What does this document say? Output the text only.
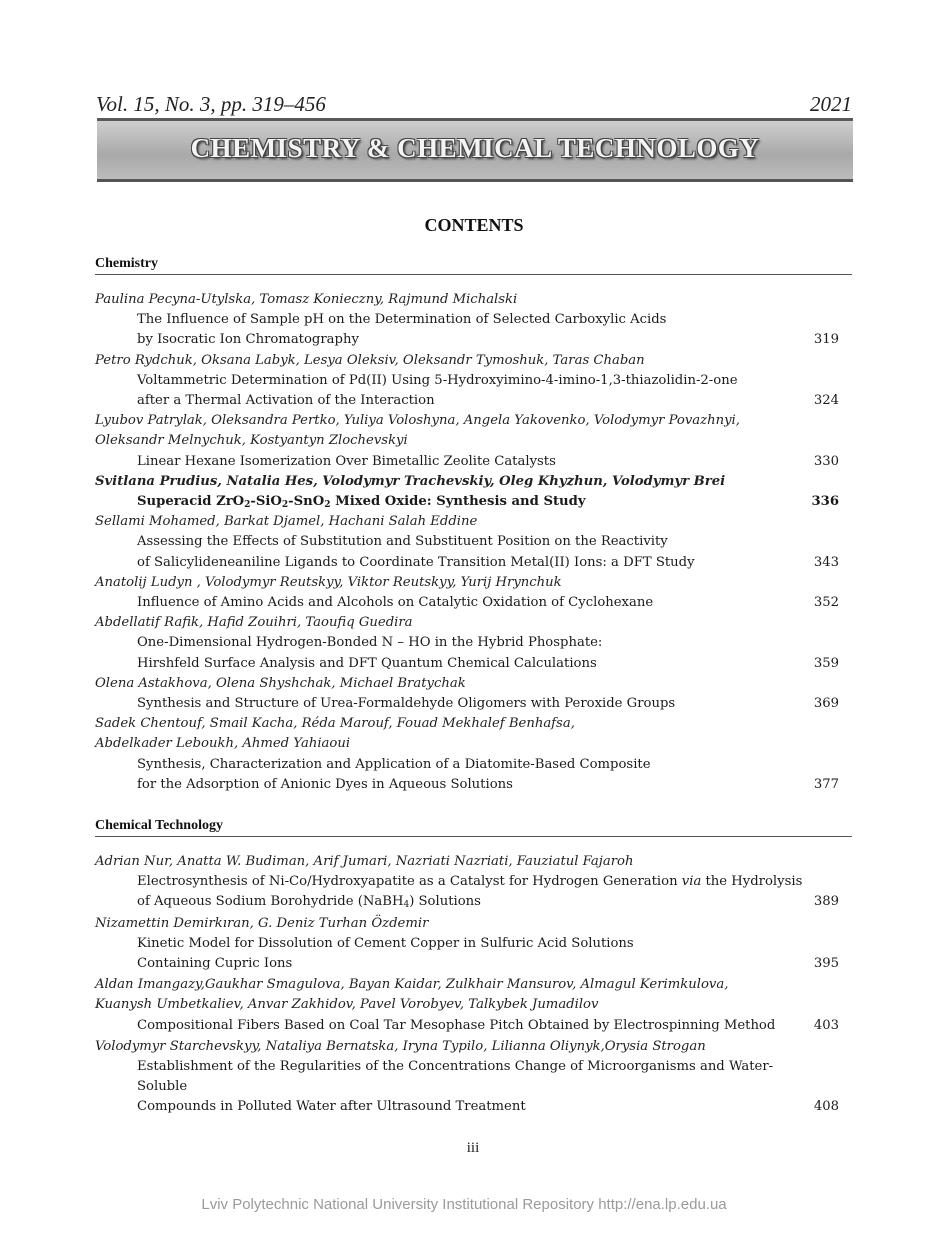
Vol. 15, No. 3, pp. 319–456	2021
CHEMISTRY & CHEMICAL TECHNOLOGY
CONTENTS
Chemistry
Paulina Pecyna-Utylska, Tomasz Konieczny, Rajmund Michalski
The Influence of Sample pH on the Determination of Selected Carboxylic Acids
by Isocratic Ion Chromatography	319
Petro Rydchuk, Oksana Labyk, Lesya Oleksiv, Oleksandr Tymoshuk, Taras Chaban
Voltammetric Determination of Pd(II) Using 5-Hydroxyimino-4-imino-1,3-thiazolidin-2-one
after a Thermal Activation of the Interaction	324
Lyubov Patrylak, Oleksandra Pertko, Yuliya Voloshyna, Angela Yakovenko, Volodymyr Povazhnyi,
Oleksandr Melnychuk, Kostyantyn Zlochevskyi
Linear Hexane Isomerization Over Bimetallic Zeolite Catalysts	330
Svitlana Prudius, Natalia Hes, Volodymyr Trachevskiy, Oleg Khyzhun, Volodymyr Brei
Superacid ZrO$_2$-SiO$_2$-SnO$_2$ Mixed Oxide: Synthesis and Study	336
Sellami Mohamed, Barkat Djamel, Hachani Salah Eddine
Assessing the Effects of Substitution and Substituent Position on the Reactivity
of Salicylideneaniline Ligands to Coordinate Transition Metal(II) Ions: a DFT Study	343
Anatolij Ludyn , Volodymyr Reutskyy, Viktor Reutskyy, Yurij Hrynchuk
Influence of Amino Acids and Alcohols on Catalytic Oxidation of Cyclohexane	352
Abdellatif Rafik, Hafid Zouihri, Taoufiq Guedira
One-Dimensional Hydrogen-Bonded N – HO in the Hybrid Phosphate:
Hirshfeld Surface Analysis and DFT Quantum Chemical Calculations	359
Olena Astakhova, Olena Shyshchak, Michael Bratychak
Synthesis and Structure of Urea-Formaldehyde Oligomers with Peroxide Groups	369
Sadek Chentouf, Smail Kacha, Réda Marouf, Fouad Mekhalef Benhafsa,
Abdelkader Leboukh, Ahmed Yahiaoui
Synthesis, Characterization and Application of a Diatomite-Based Composite
for the Adsorption of Anionic Dyes in Aqueous Solutions	377
Chemical Technology
Adrian Nur, Anatta W. Budiman, Arif Jumari, Nazriati Nazriati, Fauziatul Fajaroh
Electrosynthesis of Ni-Co/Hydroxyapatite as a Catalyst for Hydrogen Generation via the Hydrolysis
of Aqueous Sodium Borohydride (NaBH$_4$) Solutions	389
Nizamettin Demirkıran, G. Deniz Turhan Özdemir
Kinetic Model for Dissolution of Cement Copper in Sulfuric Acid Solutions
Containing Cupric Ions	395
Aldan Imangazy,Gaukhar Smagulova, Bayan Kaidar, Zulkhair Mansurov, Almagul Kerimkulova,
Kuanysh Umbetkaliev, Anvar Zakhidov, Pavel Vorobyev, Talkybek Jumadilov
Compositional Fibers Based on Coal Tar Mesophase Pitch Obtained by Electrospinning Method	403
Volodymyr Starchevskyy, Nataliya Bernatska, Iryna Typilo, Lilianna Oliynyk,Orysia Strogan
Establishment of the Regularities of the Concentrations Change of Microorganisms and Water-Soluble
Compounds in Polluted Water after Ultrasound Treatment	408
iii
Lviv Polytechnic National University Institutional Repository http://ena.lp.edu.ua
